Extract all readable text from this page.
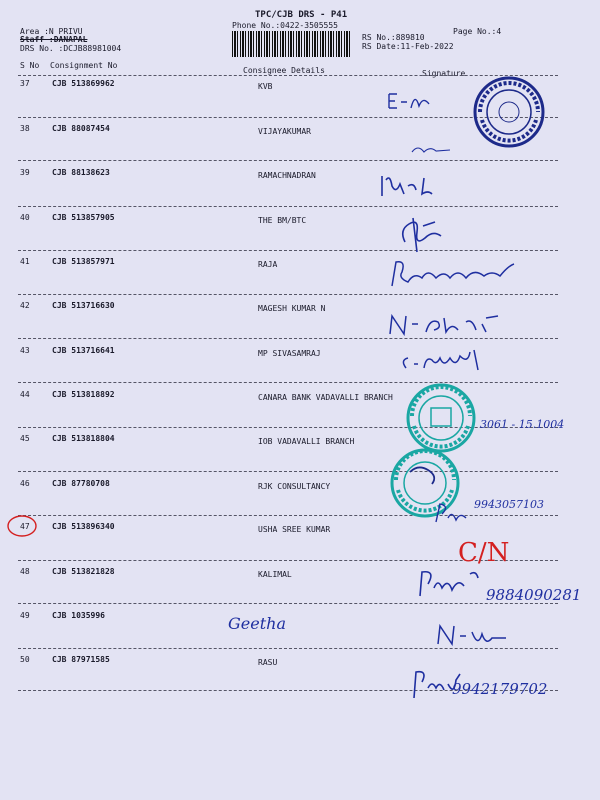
TPC/CJB DRS - P41
Phone No.:0422-3505555
Area :N PRIVU
Staff :DANAPAL
DRS No. :DCJB88981004
RS No.:889810
RS Date:11-Feb-2022
Page No.:4
S No Consignment No
Consignee Details	Signature
37	CJB 513869962	KVB
38	CJB 88087454	VIJAYAKUMAR
39	CJB 88138623	RAMACHNADRAN
40	CJB 513857905	THE BM/BTC
41	CJB 513857971	RAJA
42	CJB 513716630	MAGESH KUMAR N
43	CJB 513716641	MP SIVASAMRAJ
44	CJB 513818892	CANARA BANK VADAVALLI BRANCH
45	CJB 513818804	IOB VADAVALLI BRANCH
46	CJB 87780708	RJK CONSULTANCY
47	CJB 513896340	USHA SREE KUMAR
48	CJB 513821828	KALIMAL
49	CJB 1035996
50	CJB 87971585	RASU
3061 - 15.1004
9943057103
C/N
9884090281
Geetha
9942179702
